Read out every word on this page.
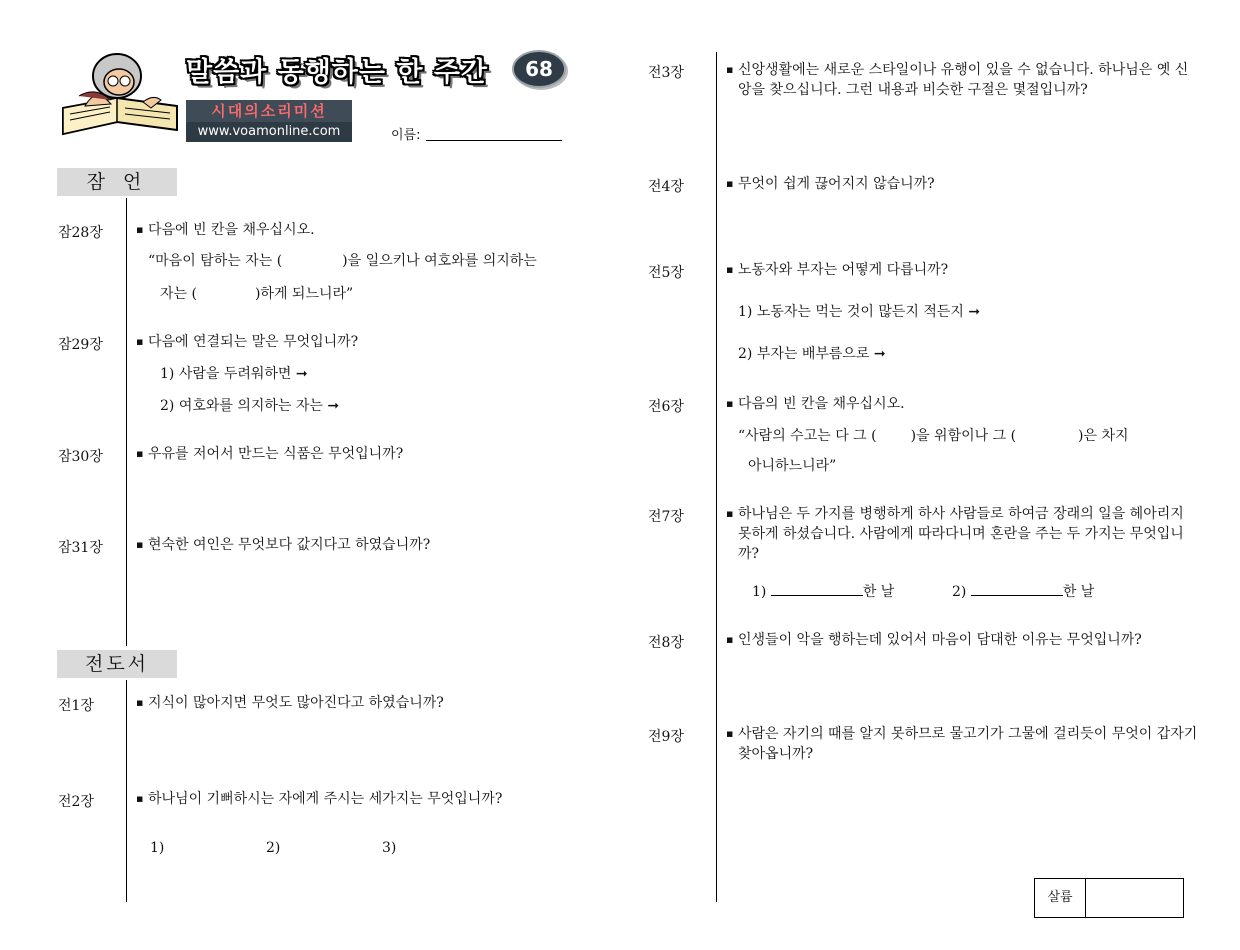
말씀과 동행하는 한 주간	68
시대의소리미션
www.voamonline.com	이름:
잠 언
전도서
잠28장	▪ 다음에 빈 칸을 채우십시오.
“마음이 탐하는 자는 (	)을 일으키나 여호와를 의지하는
자는 (	)하게 되느니라”
잠29장	▪ 다음에 연결되는 말은 무엇입니까?
1) 사람을 두려워하면 ➞
2) 여호와를 의지하는 자는 ➞
잠30장	▪ 우유를 저어서 만드는 식품은 무엇입니까?
잠31장	▪ 현숙한 여인은 무엇보다 값지다고 하였습니까?
전1장	▪ 지식이 많아지면 무엇도 많아진다고 하였습니까?
전2장	▪ 하나님이 기뻐하시는 자에게 주시는 세가지는 무엇입니까?
1)	2)	3)
전3장	▪ 신앙생활에는 새로운 스타일이나 유행이 있을 수 없습니다. 하나님은 옛 신앙을 찾으십니다. 그런 내용과 비슷한 구절은 몇절입니까?
전4장	▪ 무엇이 쉽게 끊어지지 않습니까?
전5장	▪ 노동자와 부자는 어떻게 다릅니까?
1) 노동자는 먹는 것이 많든지 적든지 ➞
2) 부자는 배부름으로 ➞
전6장	▪ 다음의 빈 칸을 채우십시오.
“사람의 수고는 다 그 ( )을 위함이나 그 (	)은 차지
아니하느니라”
전7장	▪ 하나님은 두 가지를 병행하게 하사 사람들로 하여금 장래의 일을 헤아리지 못하게 하셨습니다. 사람에게 따라다니며 혼란을 주는 두 가지는 무엇입니까?
1)	한 날	2)	한 날
전8장	▪ 인생들이 악을 행하는데 있어서 마음이 담대한 이유는 무엇입니까?
전9장	▪ 사람은 자기의 때를 알지 못하므로 물고기가 그물에 걸리듯이 무엇이 갑자기 찾아옵니까?
살륨
